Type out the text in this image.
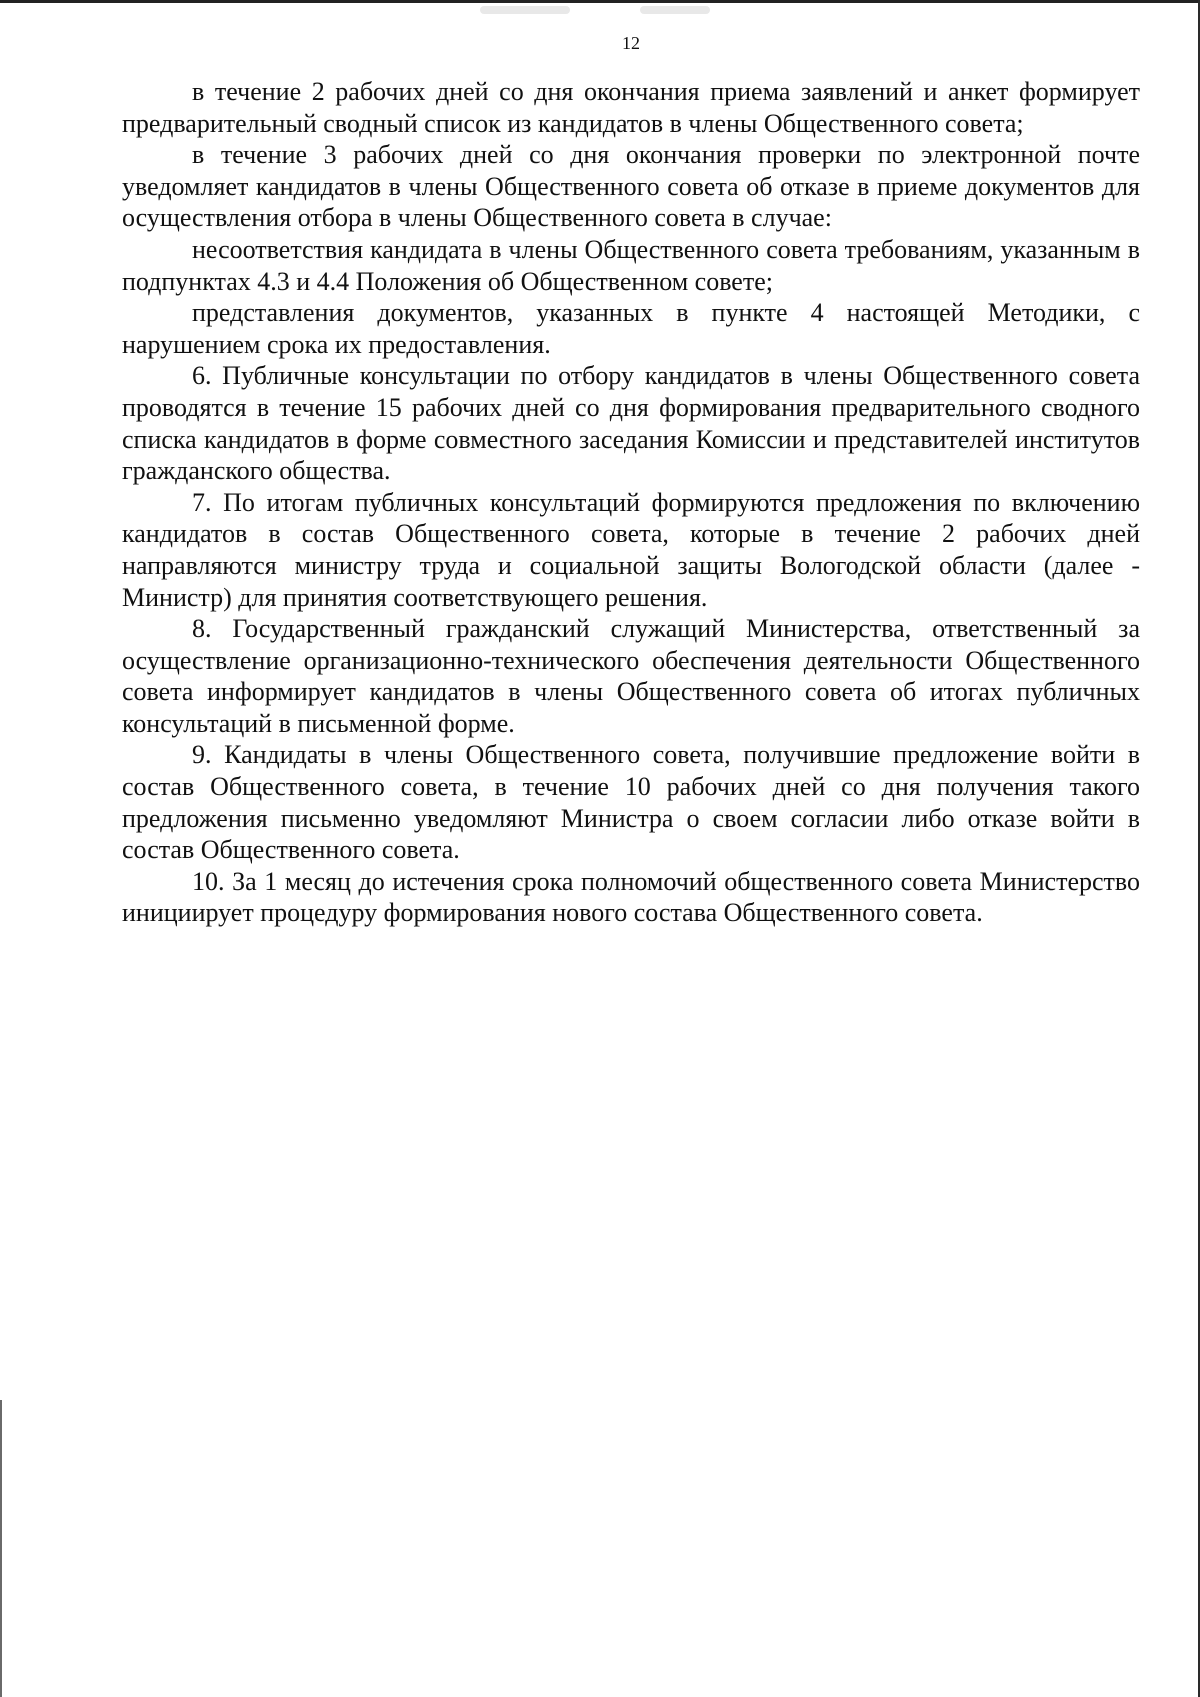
12

в течение 2 рабочих дней со дня окончания приема заявлений и анкет формирует предварительный сводный список из кандидатов в члены Общественного совета;

в течение 3 рабочих дней со дня окончания проверки по электронной почте уведомляет кандидатов в члены Общественного совета об отказе в приеме документов для осуществления отбора в члены Общественного совета в случае:

несоответствия кандидата в члены Общественного совета требованиям, указанным в подпунктах 4.3 и 4.4 Положения об Общественном совете;

представления документов, указанных в пункте 4 настоящей Методики, с нарушением срока их предоставления.

6. Публичные консультации по отбору кандидатов в члены Общественного совета проводятся в течение 15 рабочих дней со дня формирования предварительного сводного списка кандидатов в форме совместного заседания Комиссии и представителей институтов гражданского общества.

7. По итогам публичных консультаций формируются предложения по включению кандидатов в состав Общественного совета, которые в течение 2 рабочих дней направляются министру труда и социальной защиты Вологодской области (далее - Министр) для принятия соответствующего решения.

8. Государственный гражданский служащий Министерства, ответственный за осуществление организационно-технического обеспечения деятельности Общественного совета информирует кандидатов в члены Общественного совета об итогах публичных консультаций в письменной форме.

9. Кандидаты в члены Общественного совета, получившие предложение войти в состав Общественного совета, в течение 10 рабочих дней со дня получения такого предложения письменно уведомляют Министра о своем согласии либо отказе войти в состав Общественного совета.

10. За 1 месяц до истечения срока полномочий общественного совета Министерство инициирует процедуру формирования нового состава Общественного совета.
